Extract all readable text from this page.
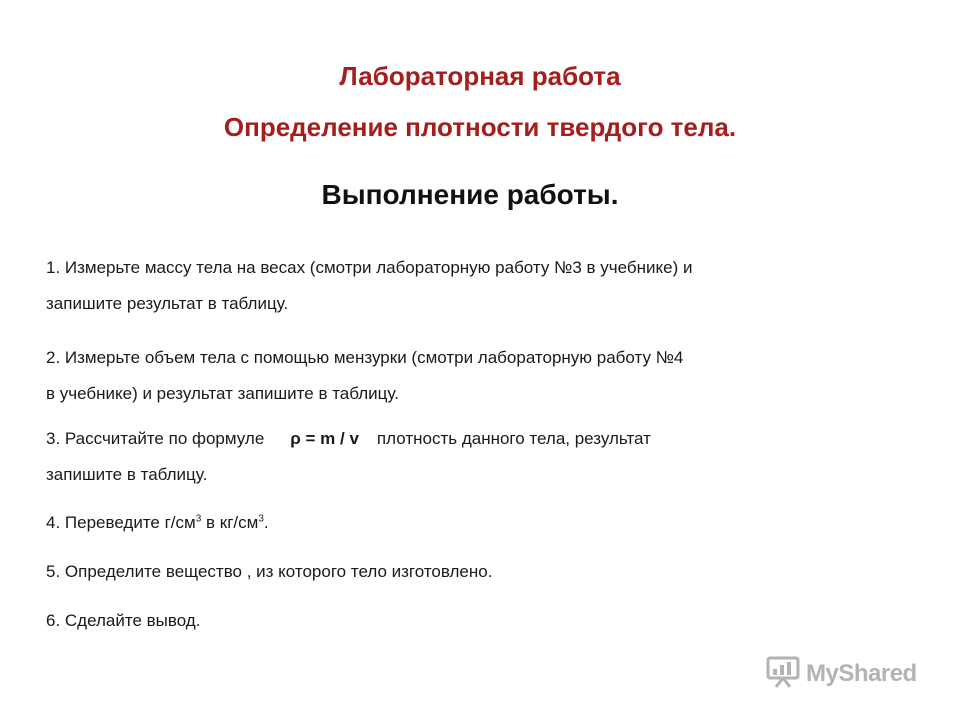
Лабораторная работа
Определение плотности твердого тела.
Выполнение работы.
1. Измерьте массу тела на весах (смотри лабораторную работу №3 в учебнике) и
запишите результат в таблицу.
2. Измерьте объем тела с помощью мензурки (смотри лабораторную работу №4
в учебнике) и результат запишите в таблицу.
3. Рассчитайте по формуле ρ = m / v плотность данного тела, результат
запишите в таблицу.
4. Переведите $г/см^3$ в $кг/см^3$.
5. Определите вещество , из которого тело изготовлено.
6. Сделайте вывод.
MyShared
